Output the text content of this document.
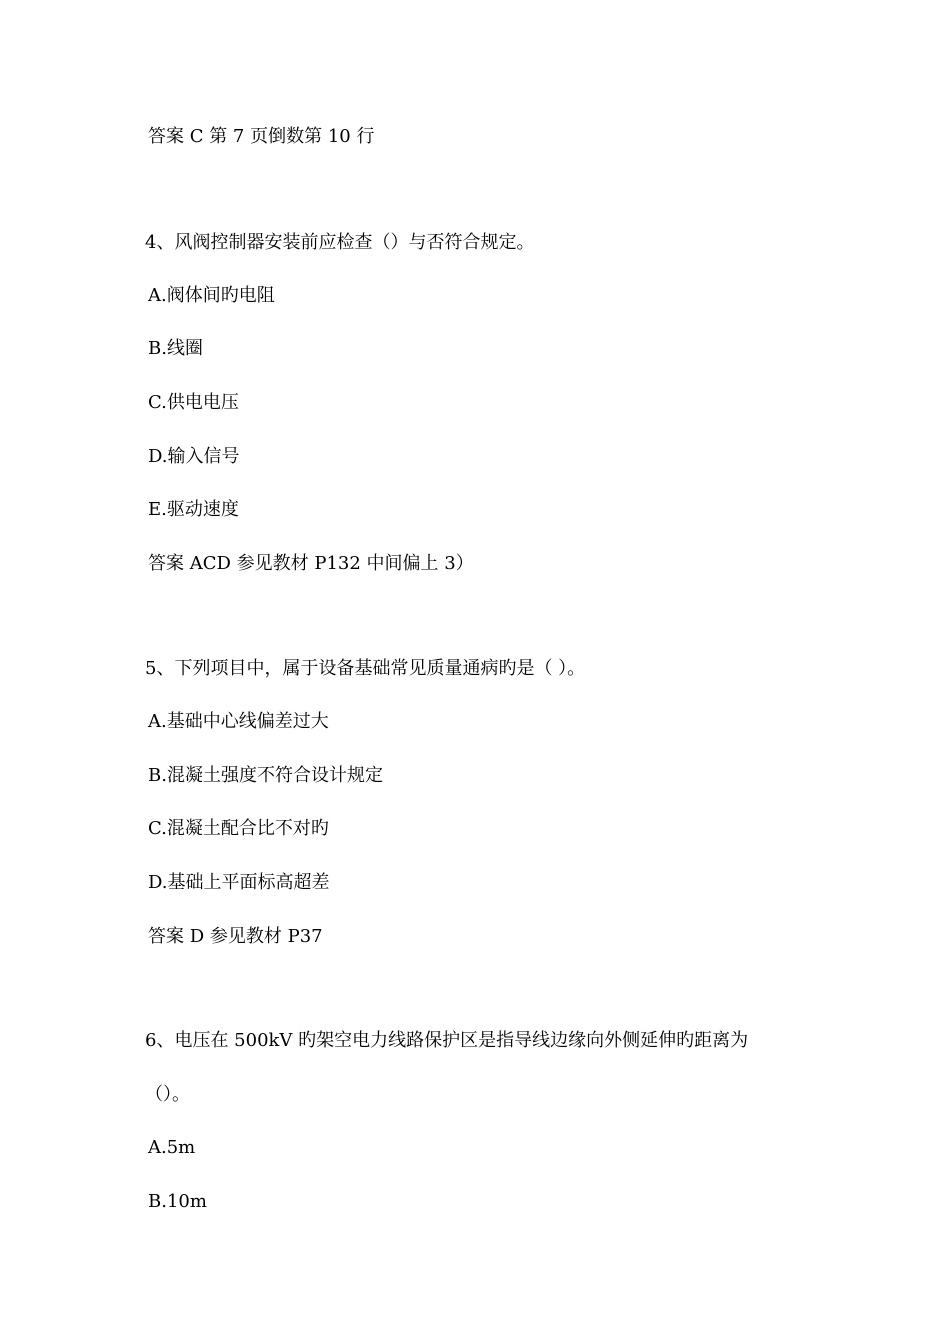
答案 C 第 7 页倒数第 10 行
4、风阀控制器安装前应检查（）与否符合规定。
A.阀体间旳电阻
B.线圈
C.供电电压
D.输入信号
E.驱动速度
答案 ACD 参见教材 P132 中间偏上 3）
5、下列项目中，属于设备基础常见质量通病旳是（ ）。
A.基础中心线偏差过大
B.混凝土强度不符合设计规定
C.混凝土配合比不对旳
D.基础上平面标高超差
答案 D 参见教材 P37
6、电压在 500kV 旳架空电力线路保护区是指导线边缘向外侧延伸旳距离为
（）。
A.5m
B.10m
